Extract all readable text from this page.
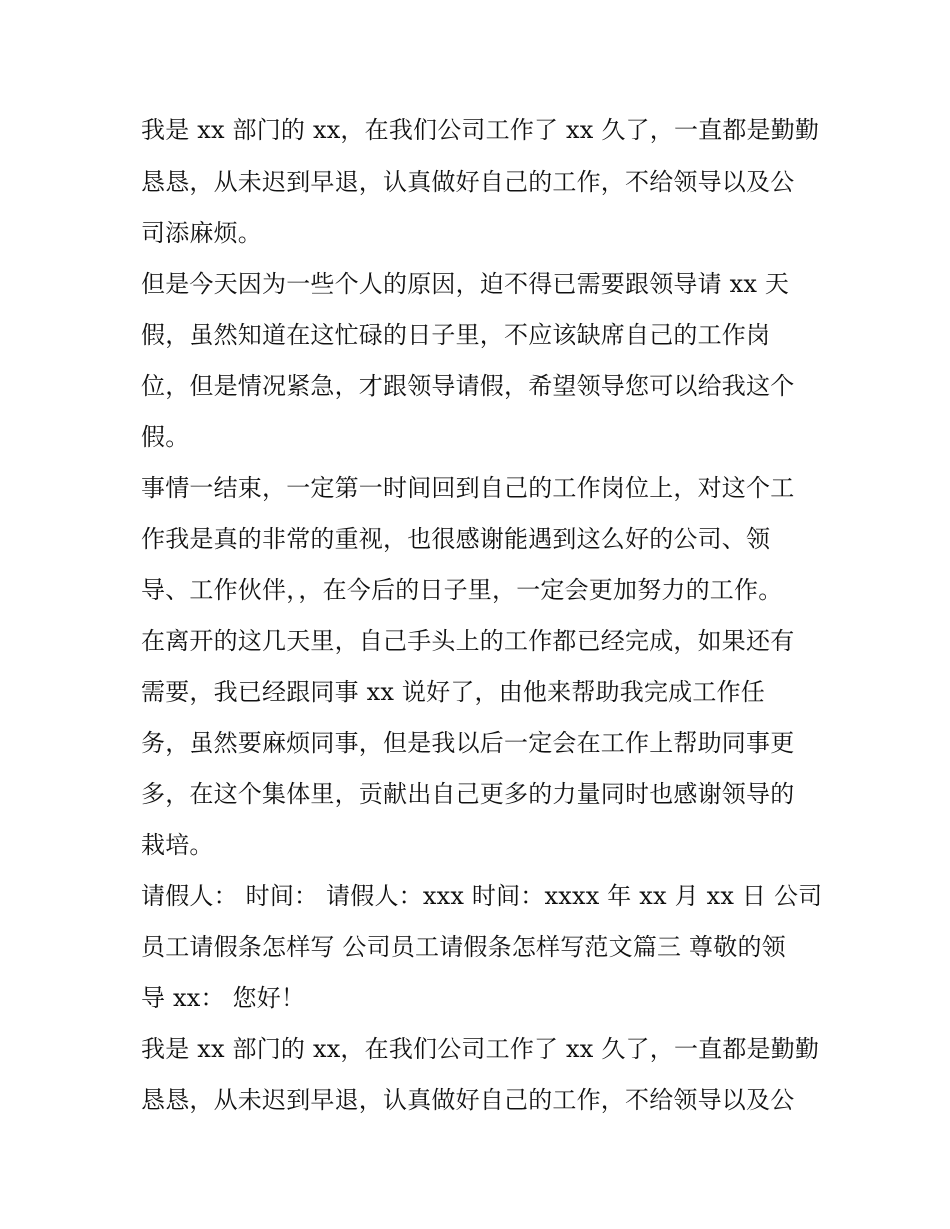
我是 xx 部门的 xx，在我们公司工作了 xx 久了，一直都是勤勤
恳恳，从未迟到早退，认真做好自己的工作，不给领导以及公
司添麻烦。
但是今天因为一些个人的原因，迫不得已需要跟领导请 xx 天
假，虽然知道在这忙碌的日子里，不应该缺席自己的工作岗
位，但是情况紧急，才跟领导请假，希望领导您可以给我这个
假。
事情一结束，一定第一时间回到自己的工作岗位上，对这个工
作我是真的非常的重视，也很感谢能遇到这么好的公司、领
导、工作伙伴，，在今后的日子里，一定会更加努力的工作。
在离开的这几天里，自己手头上的工作都已经完成，如果还有
需要，我已经跟同事 xx 说好了，由他来帮助我完成工作任
务，虽然要麻烦同事，但是我以后一定会在工作上帮助同事更
多，在这个集体里，贡献出自己更多的力量同时也感谢领导的
栽培。
请假人： 时间： 请假人：xxx 时间：xxxx 年 xx 月 xx 日 公司
员工请假条怎样写 公司员工请假条怎样写范文篇三 尊敬的领
导 xx： 您好！
我是 xx 部门的 xx，在我们公司工作了 xx 久了，一直都是勤勤
恳恳，从未迟到早退，认真做好自己的工作，不给领导以及公
